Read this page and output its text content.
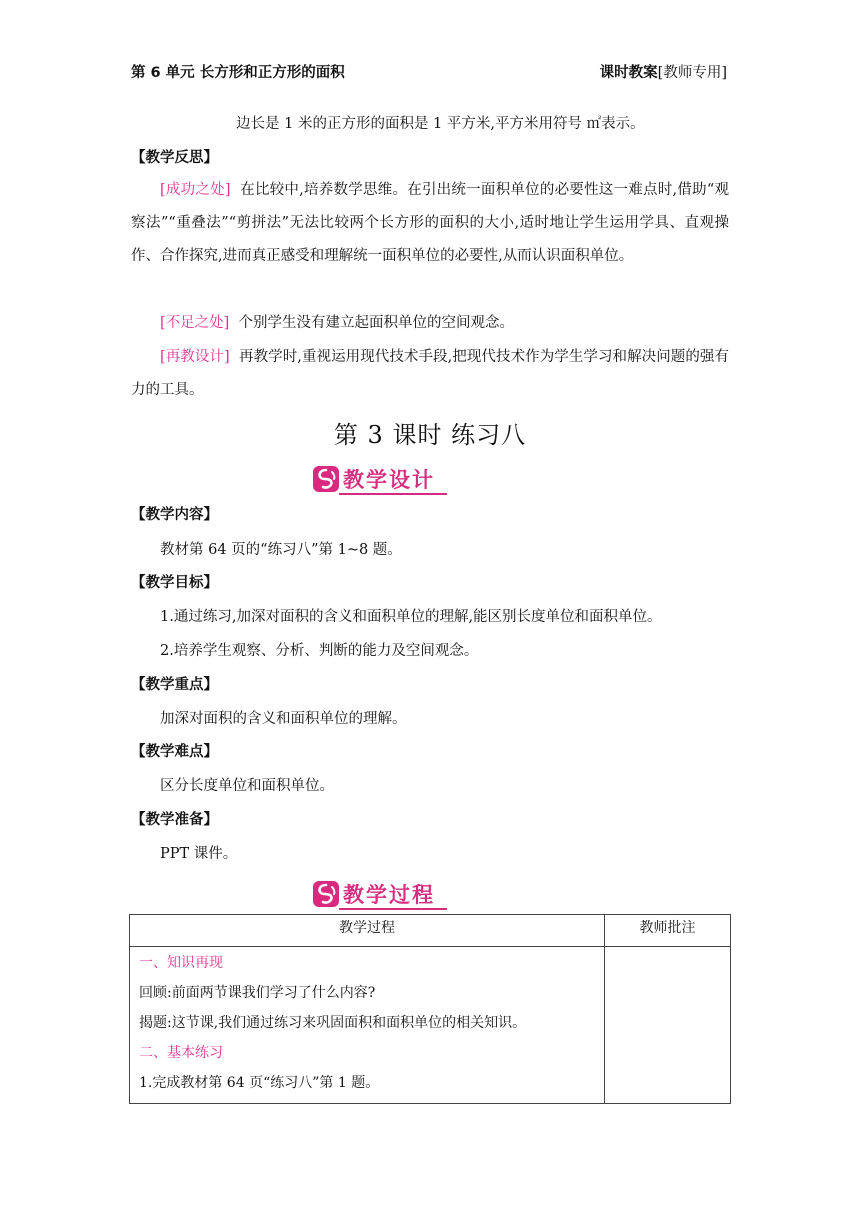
第 6 单元 长方形和正方形的面积	课时教案[教师专用]
边长是 1 米的正方形的面积是 1 平方米,平方米用符号 ㎡表示。
【教学反思】
[成功之处] 在比较中,培养数学思维。在引出统一面积单位的必要性这一难点时,借助“观察法”“重叠法”“剪拼法”无法比较两个长方形的面积的大小,适时地让学生运用学具、直观操作、合作探究,进而真正感受和理解统一面积单位的必要性,从而认识面积单位。
[不足之处] 个别学生没有建立起面积单位的空间观念。
[再教设计] 再教学时,重视运用现代技术手段,把现代技术作为学生学习和解决问题的强有力的工具。
第 3 课时 练习八
教学设计
【教学内容】
教材第 64 页的“练习八”第 1~8 题。
【教学目标】
1.通过练习,加深对面积的含义和面积单位的理解,能区别长度单位和面积单位。
2.培养学生观察、分析、判断的能力及空间观念。
【教学重点】
加深对面积的含义和面积单位的理解。
【教学难点】
区分长度单位和面积单位。
【教学准备】
PPT 课件。
教学过程
教学过程	教师批注

一、知识再现
回顾:前面两节课我们学习了什么内容?
揭题:这节课,我们通过练习来巩固面积和面积单位的相关知识。
二、基本练习
1.完成教材第 64 页“练习八”第 1 题。	
